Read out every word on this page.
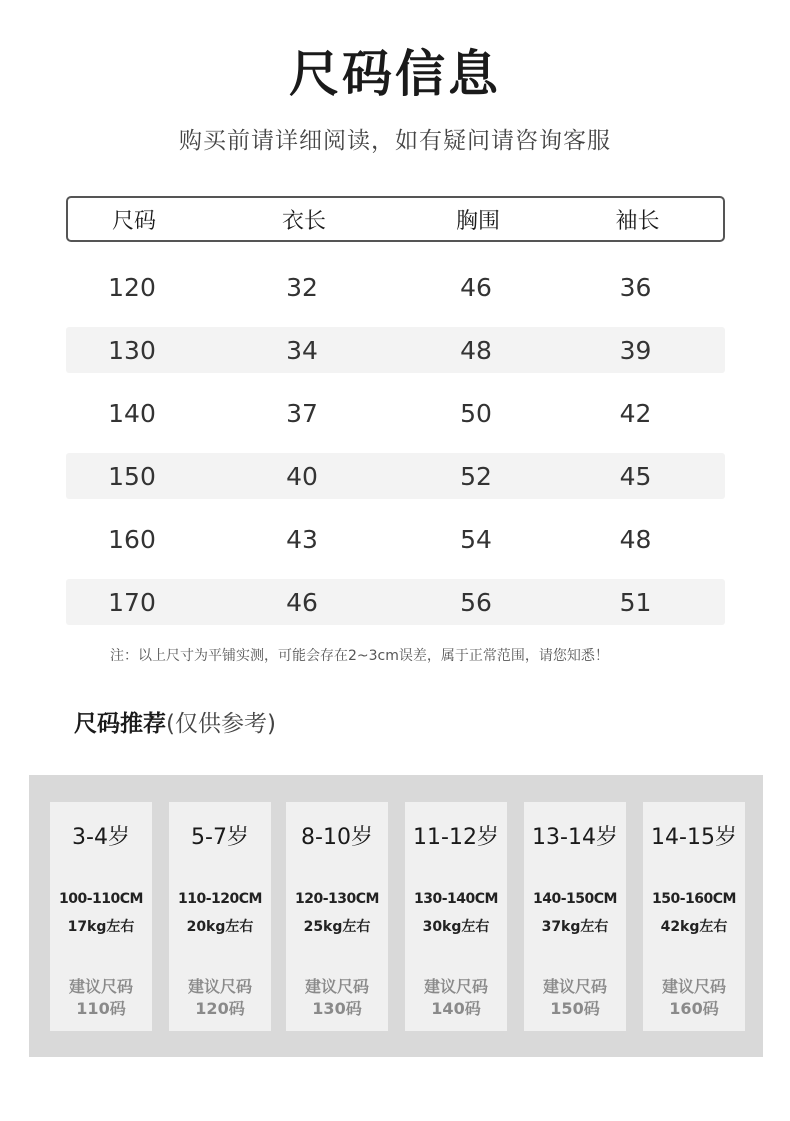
尺码信息
购买前请详细阅读，如有疑问请咨询客服
尺码	衣长	胸围	袖长
120	32	46	36
130	34	48	39
140	37	50	42
150	40	52	45
160	43	54	48
170	46	56	51
注：以上尺寸为平铺实测，可能会存在2~3cm误差，属于正常范围，请您知悉！
尺码推荐(仅供参考)
3-4岁
100-110CM
17kg左右
建议尺码
110码
5-7岁
110-120CM
20kg左右
建议尺码
120码
8-10岁
120-130CM
25kg左右
建议尺码
130码
11-12岁
130-140CM
30kg左右
建议尺码
140码
13-14岁
140-150CM
37kg左右
建议尺码
150码
14-15岁
150-160CM
42kg左右
建议尺码
160码
